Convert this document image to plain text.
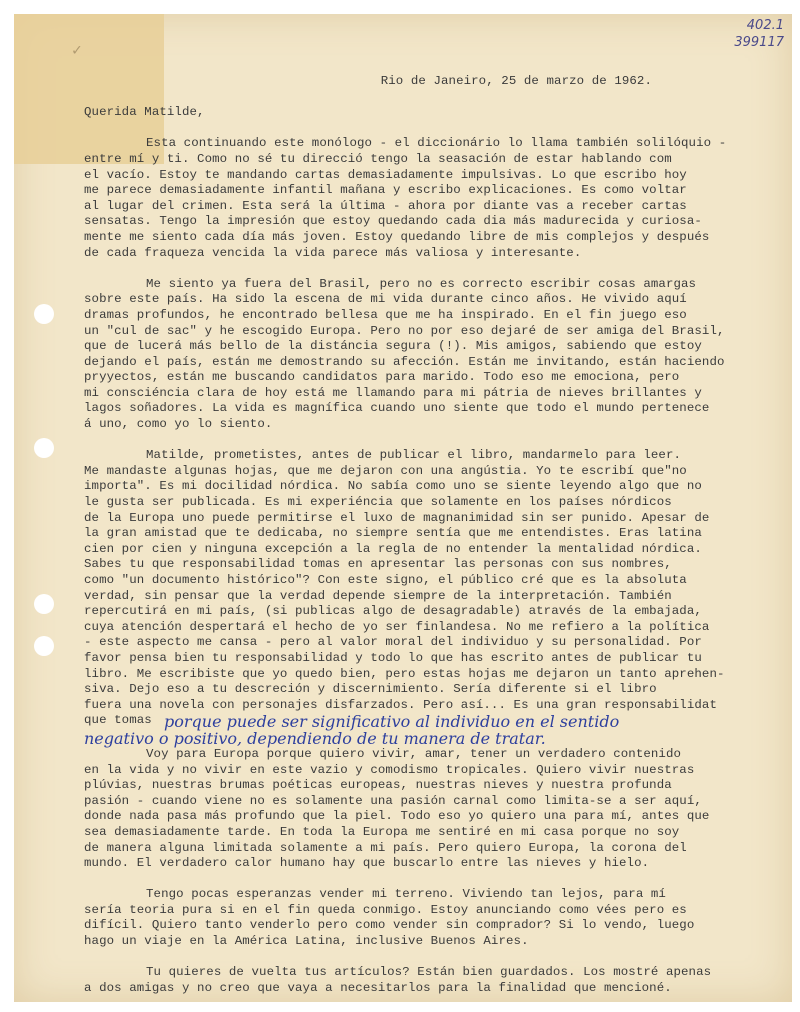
✓
402.1
399117
Rio de Janeiro, 25 de marzo de 1962.
Querida Matilde,
Esta continuando este monólogo - el diccionário lo llama también solilóquio -
entre mí y ti. Como no sé tu direcció tengo la seasación de estar hablando com
el vacío. Estoy te mandando cartas demasiadamente impulsivas. Lo que escribo hoy
me parece demasiadamente infantil mañana y escribo explicaciones. Es como voltar
al lugar del crimen. Esta será la última - ahora por diante vas a receber cartas
sensatas. Tengo la impresión que estoy quedando cada dia más madurecida y curiosa-
mente me siento cada día más joven. Estoy quedando libre de mis complejos y después
de cada fraqueza vencida la vida parece más valiosa y interesante.
Me siento ya fuera del Brasil, pero no es correcto escribir cosas amargas
sobre este país. Ha sido la escena de mi vida durante cinco años. He vivido aquí
dramas profundos, he encontrado bellesa que me ha inspirado. En el fin juego eso
un "cul de sac" y he escogido Europa. Pero no por eso dejaré de ser amiga del Brasil,
que de lucerá más bello de la distáncia segura (!). Mis amigos, sabiendo que estoy
dejando el país, están me demostrando su afección. Están me invitando, están haciendo
pryyectos, están me buscando candidatos para marido. Todo eso me emociona, pero
mi consciéncia clara de hoy está me llamando para mi pátria de nieves brillantes y
lagos soñadores. La vida es magnífica cuando uno siente que todo el mundo pertenece
á uno, como yo lo siento.
Matilde, prometistes, antes de publicar el libro, mandarmelo para leer.
Me mandaste algunas hojas, que me dejaron con una angústia. Yo te escribí que"no
importa". Es mi docilidad nórdica. No sabía como uno se siente leyendo algo que no
le gusta ser publicada. Es mi experiéncia que solamente en los países nórdicos
de la Europa uno puede permitirse el luxo de magnanimidad sin ser punido. Apesar de
la gran amistad que te dedicaba, no siempre sentía que me entendistes. Eras latina
cien por cien y ninguna excepción a la regla de no entender la mentalidad nórdica.
Sabes tu que responsabilidad tomas en apresentar las personas con sus nombres,
como "un documento histórico"? Con este signo, el público cré que es la absoluta
verdad, sin pensar que la verdad depende siempre de la interpretación. También
repercutirá en mi país, (si publicas algo de desagradable) através de la embajada,
cuya atención despertará el hecho de yo ser finlandesa. No me refiero a la política
- este aspecto me cansa - pero al valor moral del individuo y su personalidad. Por
favor pensa bien tu responsabilidad y todo lo que has escrito antes de publicar tu
libro. Me escribiste que yo quedo bien, pero estas hojas me dejaron un tanto aprehen-
siva. Dejo eso a tu descreción y discernimiento. Sería diferente si el libro
fuera una novela con personajes disfarzados. Pero así... Es una gran responsabilidat
que tomas porque puede ser significativo al individuo en el sentido
negativo o positivo, dependiendo de tu manera de tratar.
Voy para Europa porque quiero vivir, amar, tener un verdadero contenido
en la vida y no vivir en este vazio y comodismo tropicales. Quiero vivir nuestras
plúvias, nuestras brumas poéticas europeas, nuestras nieves y nuestra profunda
pasión - cuando viene no es solamente una pasión carnal como limita-se a ser aquí,
donde nada pasa más profundo que la piel. Todo eso yo quiero una para mí, antes que
sea demasiadamente tarde. En toda la Europa me sentiré en mi casa porque no soy
de manera alguna limitada solamente a mi país. Pero quiero Europa, la corona del
mundo. El verdadero calor humano hay que buscarlo entre las nieves y hielo.
Tengo pocas esperanzas vender mi terreno. Viviendo tan lejos, para mí
sería teoria pura si en el fin queda conmigo. Estoy anunciando como vées pero es
difícil. Quiero tanto venderlo pero como vender sin comprador? Si lo vendo, luego
hago un viaje en la América Latina, inclusive Buenos Aires.
Tu quieres de vuelta tus artículos? Están bien guardados. Los mostré apenas
a dos amigas y no creo que vaya a necesitarlos para la finalidad que mencioné.
